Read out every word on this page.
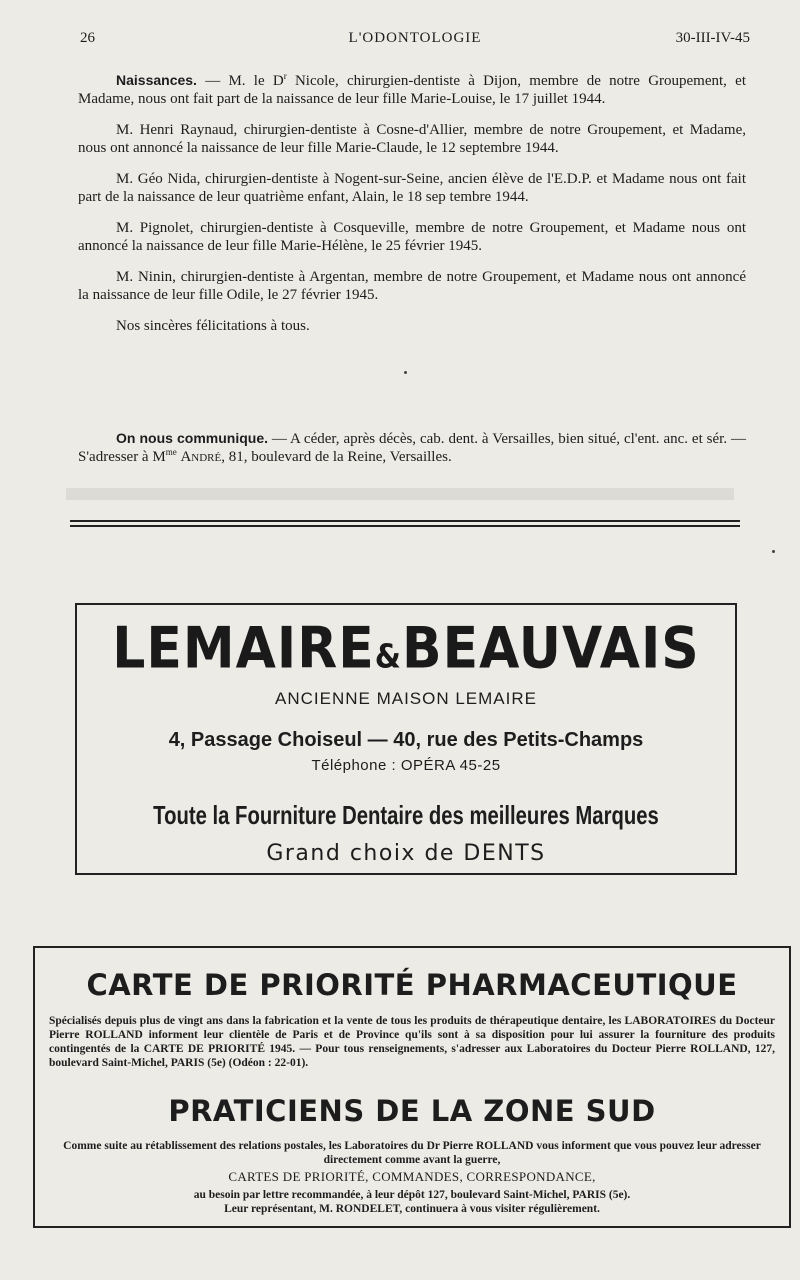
26	L'ODONTOLOGIE	30-III-IV-45

Naissances. — M. le $D^r$ Nicole, chirurgien-dentiste à Dijon, membre de notre Groupement, et Madame, nous ont fait part de la naissance de leur fille Marie-Louise, le 17 juillet 1944.

M. Henri Raynaud, chirurgien-dentiste à Cosne-d'Allier, membre de notre Groupement, et Madame, nous ont annoncé la naissance de leur fille Marie-Claude, le 12 septembre 1944.

M. Géo Nida, chirurgien-dentiste à Nogent-sur-Seine, ancien élève de l'E.D.P. et Madame nous ont fait part de la naissance de leur quatrième enfant, Alain, le 18 sep tembre 1944.

M. Pignolet, chirurgien-dentiste à Cosqueville, membre de notre Groupement, et Madame nous ont annoncé la naissance de leur fille Marie-Hélène, le 25 février 1945.

M. Ninin, chirurgien-dentiste à Argentan, membre de notre Groupement, et Madame nous ont annoncé la naissance de leur fille Odile, le 27 février 1945.

Nos sincères félicitations à tous.

On nous communique. — A céder, après décès, cab. dent. à Versailles, bien situé, cl'ent. anc. et sér. — S'adresser à $M^{me}$ André, 81, boulevard de la Reine, Versailles.

LEMAIRE&BEAUVAIS
ANCIENNE MAISON LEMAIRE
4, Passage Choiseul — 40, rue des Petits-Champs
Téléphone : OPÉRA 45-25
Toute la Fourniture Dentaire des meilleures Marques
Grand choix de DENTS
CARTE DE PRIORITÉ PHARMACEUTIQUE
Spécialisés depuis plus de vingt ans dans la fabrication et la vente de tous les produits de thérapeutique dentaire, les LABORATOIRES du Docteur Pierre ROLLAND informent leur clientèle de Paris et de Province qu'ils sont à sa disposition pour lui assurer la fourniture des produits contingentés de la CARTE DE PRIORITÉ 1945. — Pour tous renseignements, s'adresser aux Laboratoires du Docteur Pierre ROLLAND, 127, boulevard Saint-Michel, PARIS (5e) (Odéon : 22-01).
PRATICIENS DE LA ZONE SUD
Comme suite au rétablissement des relations postales, les Laboratoires du Dr Pierre ROLLAND vous informent que vous pouvez leur adresser directement comme avant la guerre,
CARTES DE PRIORITÉ, COMMANDES, CORRESPONDANCE,
au besoin par lettre recommandée, à leur dépôt 127, boulevard Saint-Michel, PARIS (5e).
Leur représentant, M. RONDELET, continuera à vous visiter régulièrement.
